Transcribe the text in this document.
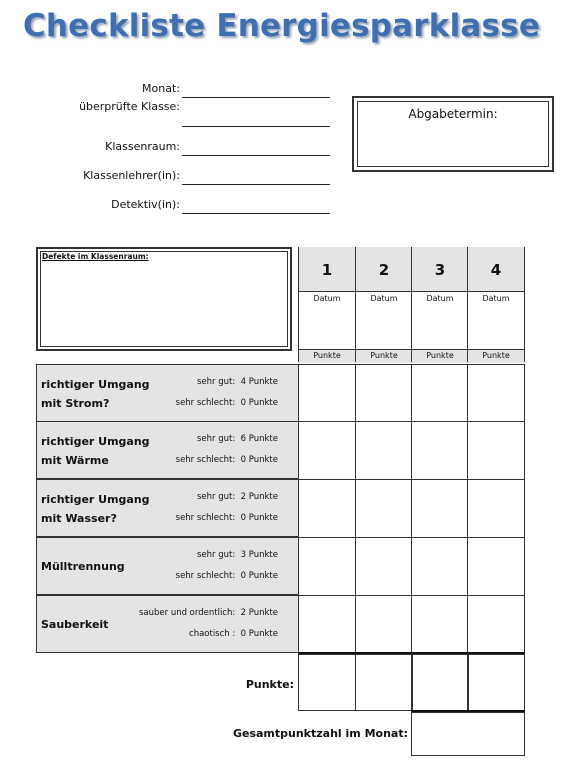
Checkliste Energiesparklasse
Monat:
überprüfte Klasse:
Klassenraum:
Klassenlehrer(in):
Detektiv(in):
Abgabetermin:
Defekte im Klassenraum:
1
Datum
Punkte
2
Datum
Punkte
3
Datum
Punkte
4
Datum
Punkte
richtiger Umgang
mit Strom?
sehr gut: 4 Punkte
sehr schlecht: 0 Punkte
richtiger Umgang
mit Wärme
sehr gut: 6 Punkte
sehr schlecht: 0 Punkte
richtiger Umgang
mit Wasser?
sehr gut: 2 Punkte
sehr schlecht: 0 Punkte
Mülltrennung
sehr gut: 3 Punkte
sehr schlecht: 0 Punkte
Sauberkeit
sauber und ordentlich: 2 Punkte
chaotisch : 0 Punkte
Punkte:
Gesamtpunktzahl im Monat:
